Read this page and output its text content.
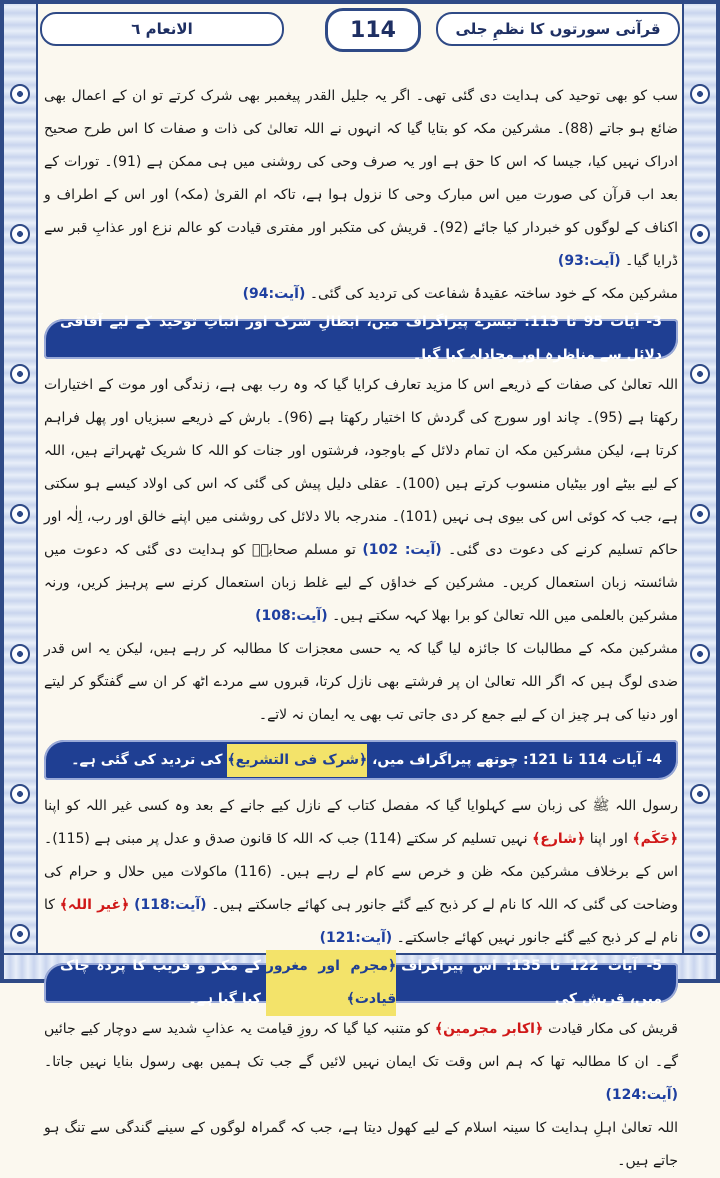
الانعام ٦	114	قرآنی سورتوں کا نظمِ جلی

سب کو بھی توحید کی ہدایت دی گئی تھی۔ اگر یہ جلیل القدر پیغمبر بھی شرک کرتے تو ان کے اعمال بھی ضائع ہو جاتے (88)۔ مشرکین مکہ کو بتایا گیا کہ انہوں نے اللہ تعالیٰ کی ذات و صفات کا اس طرح صحیح ادراک نہیں کیا، جیسا کہ اس کا حق ہے اور یہ صرف وحی کی روشنی میں ہی ممکن ہے (91)۔ تورات کے بعد اب قرآن کی صورت میں اس مبارک وحی کا نزول ہوا ہے، تاکہ ام القریٰ (مکہ) اور اس کے اطراف و اکناف کے لوگوں کو خبردار کیا جائے (92)۔ قریش کی متکبر اور مفتری قیادت کو عالم نزع اور عذابِ قبر سے ڈرایا گیا۔ (آیت:93)

مشرکین مکہ کے خود ساختہ عقیدۂ شفاعت کی تردید کی گئی۔ (آیت:94)

3- آیات 95 تا 113: تیسرے پیراگراف میں، ابطالِ شرک اور اثباتِ توحید کے لیے آفاقی دلائل سے مناظرہ اور مجادلہ کیا گیا۔

اللہ تعالیٰ کی صفات کے ذریعے اس کا مزید تعارف کرایا گیا کہ وہ رب بھی ہے، زندگی اور موت کے اختیارات رکھتا ہے (95)۔ چاند اور سورج کی گردش کا اختیار رکھتا ہے (96)۔ بارش کے ذریعے سبزیاں اور پھل فراہم کرتا ہے، لیکن مشرکین مکہ ان تمام دلائل کے باوجود، فرشتوں اور جنات کو اللہ کا شریک ٹھہراتے ہیں، اللہ کے لیے بیٹے اور بیٹیاں منسوب کرتے ہیں (100)۔ عقلی دلیل پیش کی گئی کہ اس کی اولاد کیسے ہو سکتی ہے، جب کہ کوئی اس کی بیوی ہی نہیں (101)۔ مندرجہ بالا دلائل کی روشنی میں اپنے خالق اور رب، اِلٰہ اور حاکم تسلیم کرنے کی دعوت دی گئی۔ (آیت: 102) تو مسلم صحابہؓ کو ہدایت دی گئی کہ دعوت میں شائستہ زبان استعمال کریں۔ مشرکین کے خداؤں کے لیے غلط زبان استعمال کرنے سے پرہیز کریں، ورنہ مشرکین بالعلمی میں اللہ تعالیٰ کو برا بھلا کہہ سکتے ہیں۔ (آیت:108)

مشرکین مکہ کے مطالبات کا جائزہ لیا گیا کہ یہ حسی معجزات کا مطالبہ کر رہے ہیں، لیکن یہ اس قدر ضدی لوگ ہیں کہ اگر اللہ تعالیٰ ان پر فرشتے بھی نازل کرتا، قبروں سے مردے اٹھ کر ان سے گفتگو کر لیتے اور دنیا کی ہر چیز ان کے لیے جمع کر دی جاتی تب بھی یہ ایمان نہ لاتے۔

4- آیات 114 تا 121: چوتھے پیراگراف میں،

﴿شرک فی التشریع﴾

کی تردید کی گئی ہے۔

رسول اللہ ﷺ کی زبان سے کہلوایا گیا کہ مفصل کتاب کے نازل کیے جانے کے بعد وہ کسی غیر اللہ کو اپنا ﴿حَکَم﴾ اور اپنا ﴿شارع﴾ نہیں تسلیم کر سکتے (114) جب کہ اللہ کا قانون صدق و عدل پر مبنی ہے (115)۔ اس کے برخلاف مشرکین مکہ ظن و خرص سے کام لے رہے ہیں۔ (116) ماکولات میں حلال و حرام کی وضاحت کی گئی کہ اللہ کا نام لے کر ذبح کیے گئے جانور ہی کھائے جاسکتے ہیں۔ (آیت:118) ﴿غیر اللہ﴾ کا نام لے کر ذبح کیے گئے جانور نہیں کھائے جاسکتے۔ (آیت:121)

5- آیات 122 تا 135: اس پیراگراف میں، قریش کی

﴿مجرم اور مغرور قیادت﴾

کے مکر و فریب کا پردہ چاک کیا گیا ہے۔

قریش کی مکار قیادت ﴿اکابر مجرمین﴾ کو متنبہ کیا گیا کہ روزِ قیامت یہ عذابِ شدید سے دوچار کیے جائیں گے۔ ان کا مطالبہ تھا کہ ہم اس وقت تک ایمان نہیں لائیں گے جب تک ہمیں بھی رسول بنایا نہیں جاتا۔ (آیت:124)

اللہ تعالیٰ اہلِ ہدایت کا سینہ اسلام کے لیے کھول دیتا ہے، جب کہ گمراہ لوگوں کے سینے گندگی سے تنگ ہو جاتے ہیں۔
